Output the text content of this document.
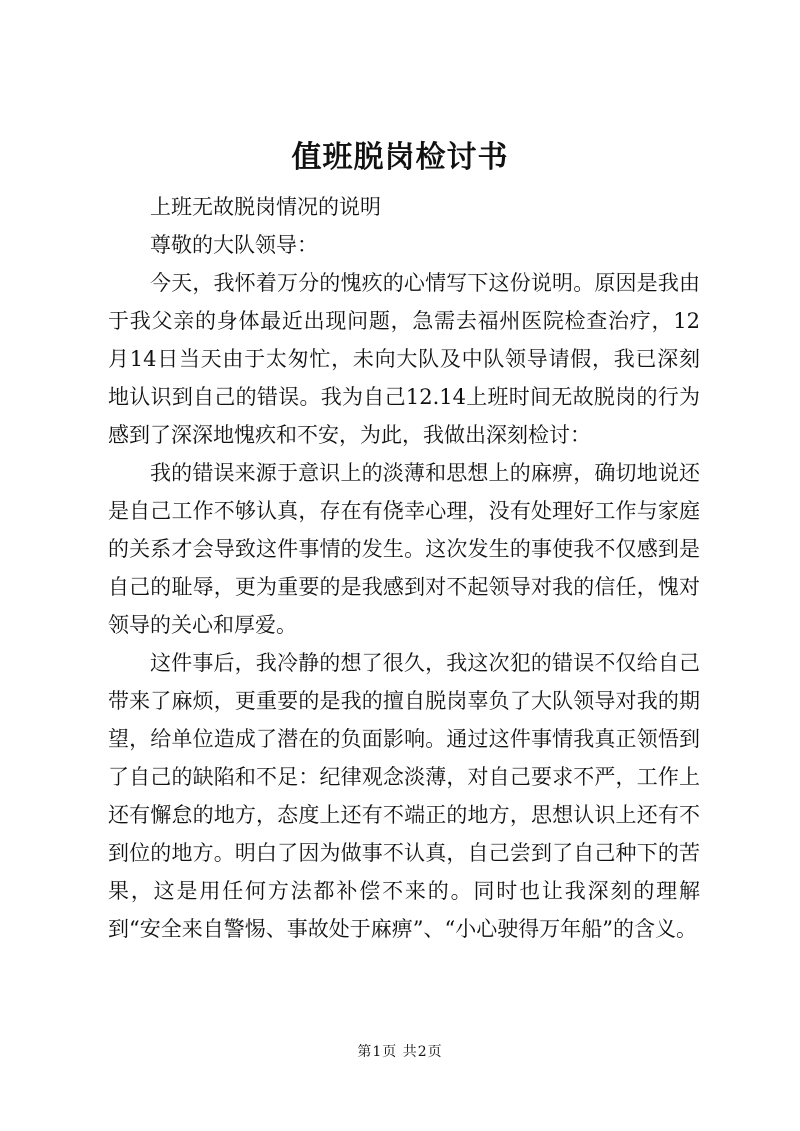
值班脱岗检讨书

上班无故脱岗情况的说明

尊敬的大队领导：

今天，我怀着万分的愧疚的心情写下这份说明。原因是我由于我父亲的身体最近出现问题，急需去福州医院检查治疗，12月14日当天由于太匆忙，未向大队及中队领导请假，我已深刻地认识到自己的错误。我为自己12.14上班时间无故脱岗的行为感到了深深地愧疚和不安，为此，我做出深刻检讨：

我的错误来源于意识上的淡薄和思想上的麻痹，确切地说还是自己工作不够认真，存在有侥幸心理，没有处理好工作与家庭的关系才会导致这件事情的发生。这次发生的事使我不仅感到是自己的耻辱，更为重要的是我感到对不起领导对我的信任，愧对领导的关心和厚爱。

这件事后，我冷静的想了很久，我这次犯的错误不仅给自己带来了麻烦，更重要的是我的擅自脱岗辜负了大队领导对我的期望，给单位造成了潜在的负面影响。通过这件事情我真正领悟到了自己的缺陷和不足：纪律观念淡薄，对自己要求不严，工作上还有懈怠的地方，态度上还有不端正的地方，思想认识上还有不到位的地方。明白了因为做事不认真，自己尝到了自己种下的苦果，这是用任何方法都补偿不来的。同时也让我深刻的理解到“安全来自警惕、事故处于麻痹”、“小心驶得万年船”的含义。

第1页 共2页
